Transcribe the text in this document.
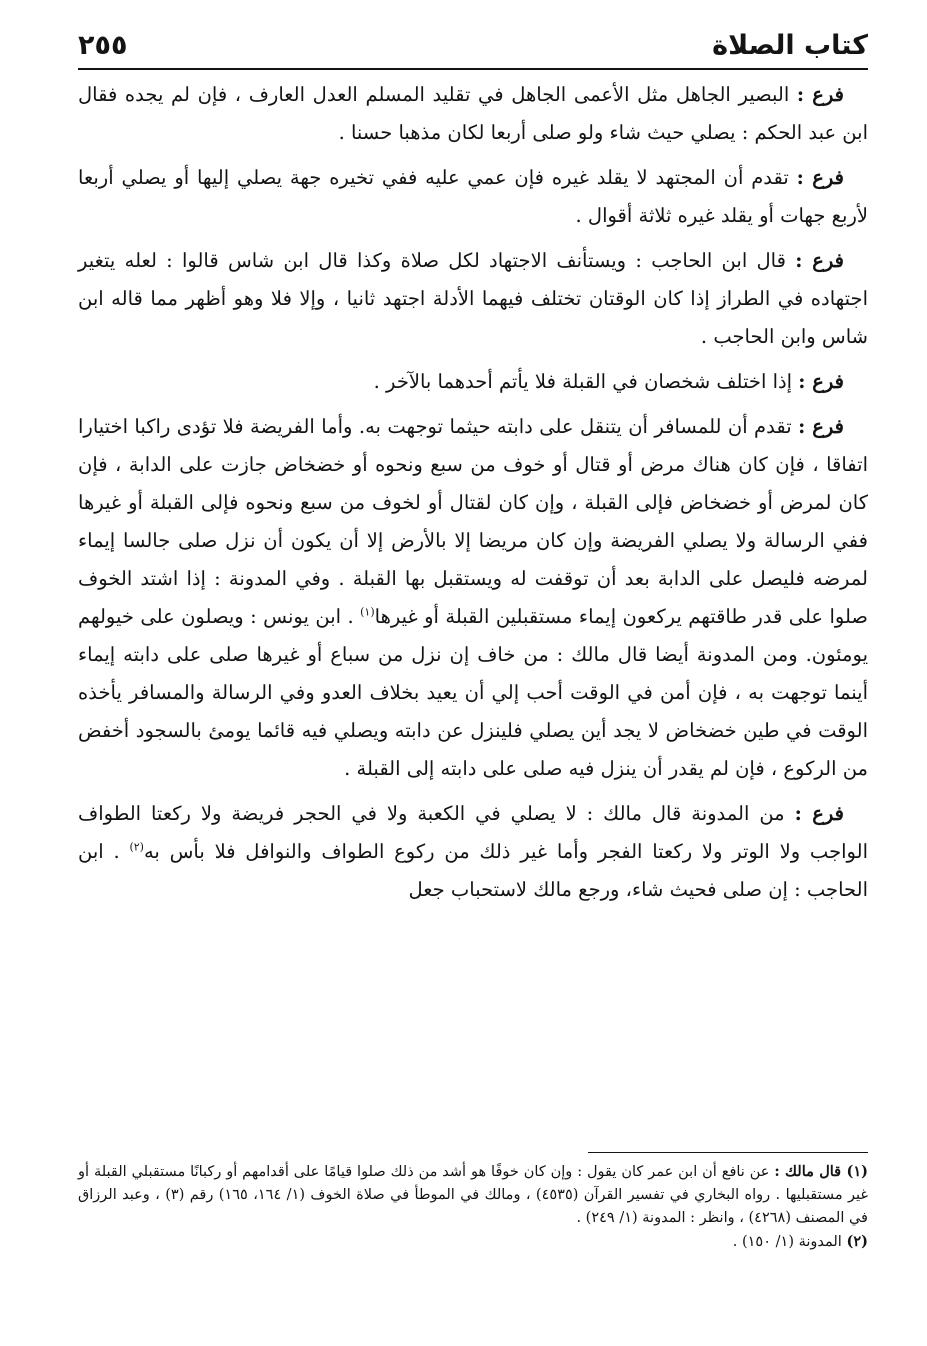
كتاب الصلاة
٢٥٥

فرع : البصير الجاهل مثل الأعمى الجاهل في تقليد المسلم العدل العارف ، فإن لم يجده فقال ابن عبد الحكم : يصلي حيث شاء ولو صلى أربعا لكان مذهبا حسنا .

فرع : تقدم أن المجتهد لا يقلد غيره فإن عمي عليه ففي تخيره جهة يصلي إليها أو يصلي أربعا لأربع جهات أو يقلد غيره ثلاثة أقوال .

فرع : قال ابن الحاجب : ويستأنف الاجتهاد لكل صلاة وكذا قال ابن شاس قالوا : لعله يتغير اجتهاده في الطراز إذا كان الوقتان تختلف فيهما الأدلة اجتهد ثانيا ، وإلا فلا وهو أظهر مما قاله ابن شاس وابن الحاجب .

فرع : إذا اختلف شخصان في القبلة فلا يأتم أحدهما بالآخر .

فرع : تقدم أن للمسافر أن يتنقل على دابته حيثما توجهت به. وأما الفريضة فلا تؤدى راكبا اختيارا اتفاقا ، فإن كان هناك مرض أو قتال أو خوف من سبع ونحوه أو خضخاض جازت على الدابة ، فإن كان لمرض أو خضخاض فإلى القبلة ، وإن كان لقتال أو لخوف من سبع ونحوه فإلى القبلة أو غيرها ففي الرسالة ولا يصلي الفريضة وإن كان مريضا إلا بالأرض إلا أن يكون أن نزل صلى جالسا إيماء لمرضه فليصل على الدابة بعد أن توقفت له ويستقبل بها القبلة . وفي المدونة : إذا اشتد الخوف صلوا على قدر طاقتهم يركعون إيماء مستقبلين القبلة أو غيرها$^{(١)}$ . ابن يونس : ويصلون على خيولهم يومئون. ومن المدونة أيضا قال مالك : من خاف إن نزل من سباع أو غيرها صلى على دابته إيماء أينما توجهت به ، فإن أمن في الوقت أحب إلي أن يعيد بخلاف العدو وفي الرسالة والمسافر يأخذه الوقت في طين خضخاض لا يجد أين يصلي فلينزل عن دابته ويصلي فيه قائما يومئ بالسجود أخفض من الركوع ، فإن لم يقدر أن ينزل فيه صلى على دابته إلى القبلة .

فرع : من المدونة قال مالك : لا يصلي في الكعبة ولا في الحجر فريضة ولا ركعتا الطواف الواجب ولا الوتر ولا ركعتا الفجر وأما غير ذلك من ركوع الطواف والنوافل فلا بأس به$^{(٢)}$ . ابن الحاجب : إن صلى فحيث شاء، ورجع مالك لاستحباب جعل

(١) قال مالك : عن نافع أن ابن عمر كان يقول : وإن كان خوفًا هو أشد من ذلك صلوا قيامًا على أقدامهم أو ركبانًا مستقبلي القبلة أو غير مستقبليها . رواه البخاري في تفسير القرآن (٤٥٣٥) ، ومالك في الموطأ في صلاة الخوف (١/ ١٦٤، ١٦٥) رقم (٣) ، وعبد الرزاق في المصنف (٤٢٦٨) ، وانظر : المدونة (١/ ٢٤٩) .

(٢) المدونة (١/ ١٥٠) .
